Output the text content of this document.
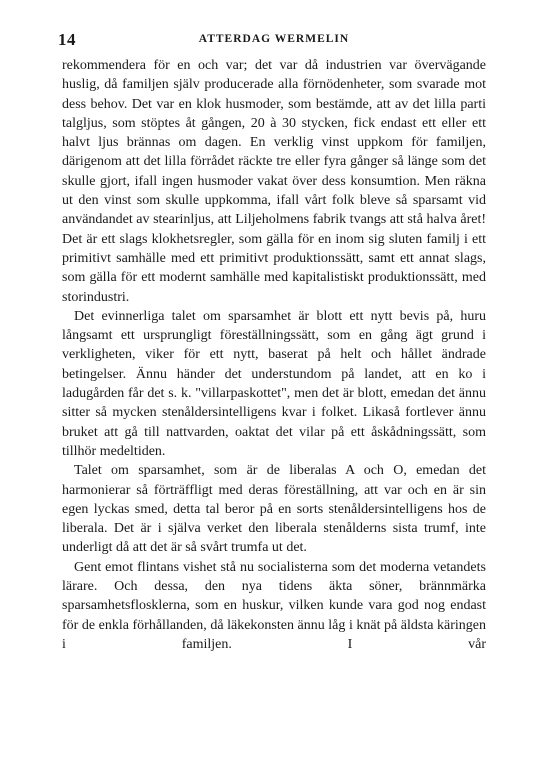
14	ATTERDAG WERMELIN

rekommendera för en och var; det var då industrien var övervägande huslig, då familjen själv producerade alla förnödenheter, som svarade mot dess behov. Det var en klok husmoder, som bestämde, att av det lilla parti talgljus, som stöptes åt gången, 20 à 30 stycken, fick endast ett eller ett halvt ljus brännas om dagen. En verklig vinst uppkom för familjen, därigenom att det lilla förrådet räckte tre eller fyra gånger så länge som det skulle gjort, ifall ingen husmoder vakat över dess konsumtion. Men räkna ut den vinst som skulle uppkomma, ifall vårt folk bleve så sparsamt vid användandet av stearinljus, att Liljeholmens fabrik tvangs att stå halva året! Det är ett slags klokhetsregler, som gälla för en inom sig sluten familj i ett primitivt samhälle med ett primitivt produktionssätt, samt ett annat slags, som gälla för ett modernt samhälle med kapitalistiskt produktionssätt, med storindustri.

Det evinnerliga talet om sparsamhet är blott ett nytt bevis på, huru långsamt ett ursprungligt föreställningssätt, som en gång ägt grund i verkligheten, viker för ett nytt, baserat på helt och hållet ändrade betingelser. Ännu händer det understundom på landet, att en ko i ladugården får det s. k. "villarpaskottet", men det är blott, emedan det ännu sitter så mycken stenåldersintelligens kvar i folket. Likaså fortlever ännu bruket att gå till nattvarden, oaktat det vilar på ett åskådningssätt, som tillhör medeltiden.

Talet om sparsamhet, som är de liberalas A och O, emedan det harmonierar så förträffligt med deras föreställning, att var och en är sin egen lyckas smed, detta tal beror på en sorts stenåldersintelligens hos de liberala. Det är i själva verket den liberala stenålderns sista trumf, inte underligt då att det är så svårt trumfa ut det.

Gent emot flintans vishet stå nu socialisterna som det moderna vetandets lärare. Och dessa, den nya tidens äkta söner, brännmärka sparsamhetsflosklerna, som en huskur, vilken kunde vara god nog endast för de enkla förhållanden, då läkekonsten ännu låg i knät på äldsta käringen i familjen. I vår
